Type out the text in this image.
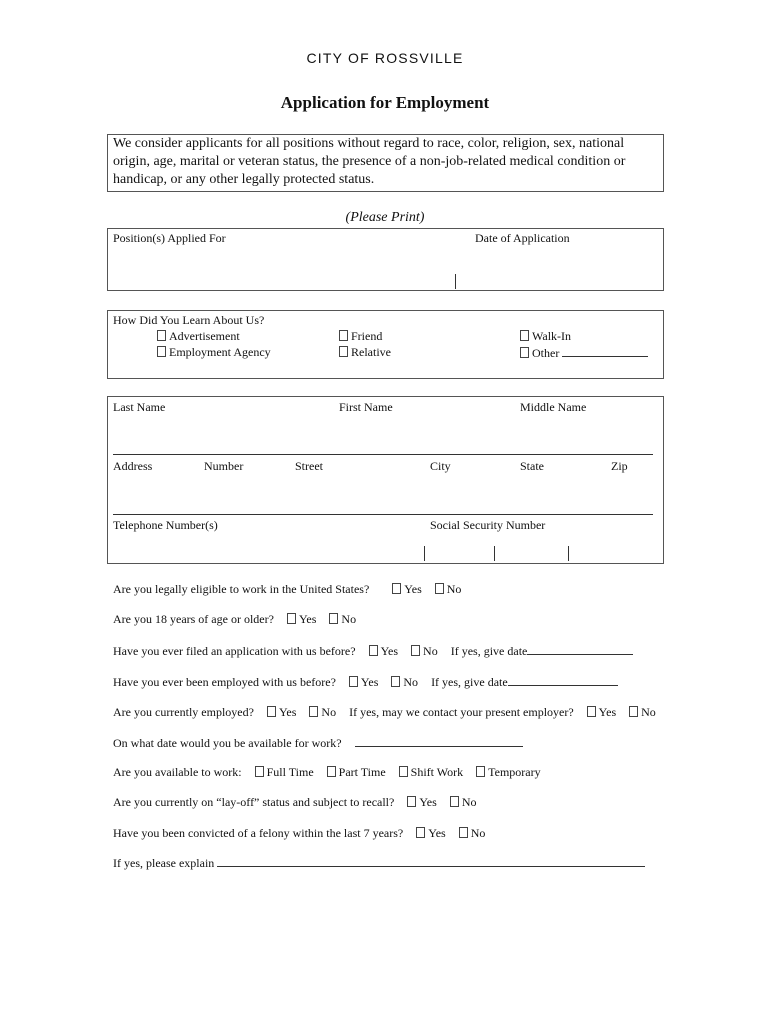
CITY OF ROSSVILLE
Application for Employment
We consider applicants for all positions without regard to race, color, religion, sex, national origin, age, marital or veteran status, the presence of a non-job-related medical condition or handicap, or any other legally protected status.
(Please Print)
Position(s) Applied For	Date of Application
How Did You Learn About Us?
Advertisement
Employment Agency
Friend
Relative
Walk-In
Other
Last Name	First Name	Middle Name
Address	Number	Street	City	State	Zip
Telephone Number(s)	Social Security Number
Are you legally eligible to work in the United States?	Yes No
Are you 18 years of age or older? Yes No
Have you ever filed an application with us before? Yes No If yes, give date
Have you ever been employed with us before? Yes No If yes, give date
Are you currently employed? Yes No If yes, may we contact your present employer? Yes No
On what date would you be available for work?
Are you available to work: Full Time Part Time Shift Work Temporary
Are you currently on “lay-off” status and subject to recall? Yes No
Have you been convicted of a felony within the last 7 years? Yes No
If yes, please explain
